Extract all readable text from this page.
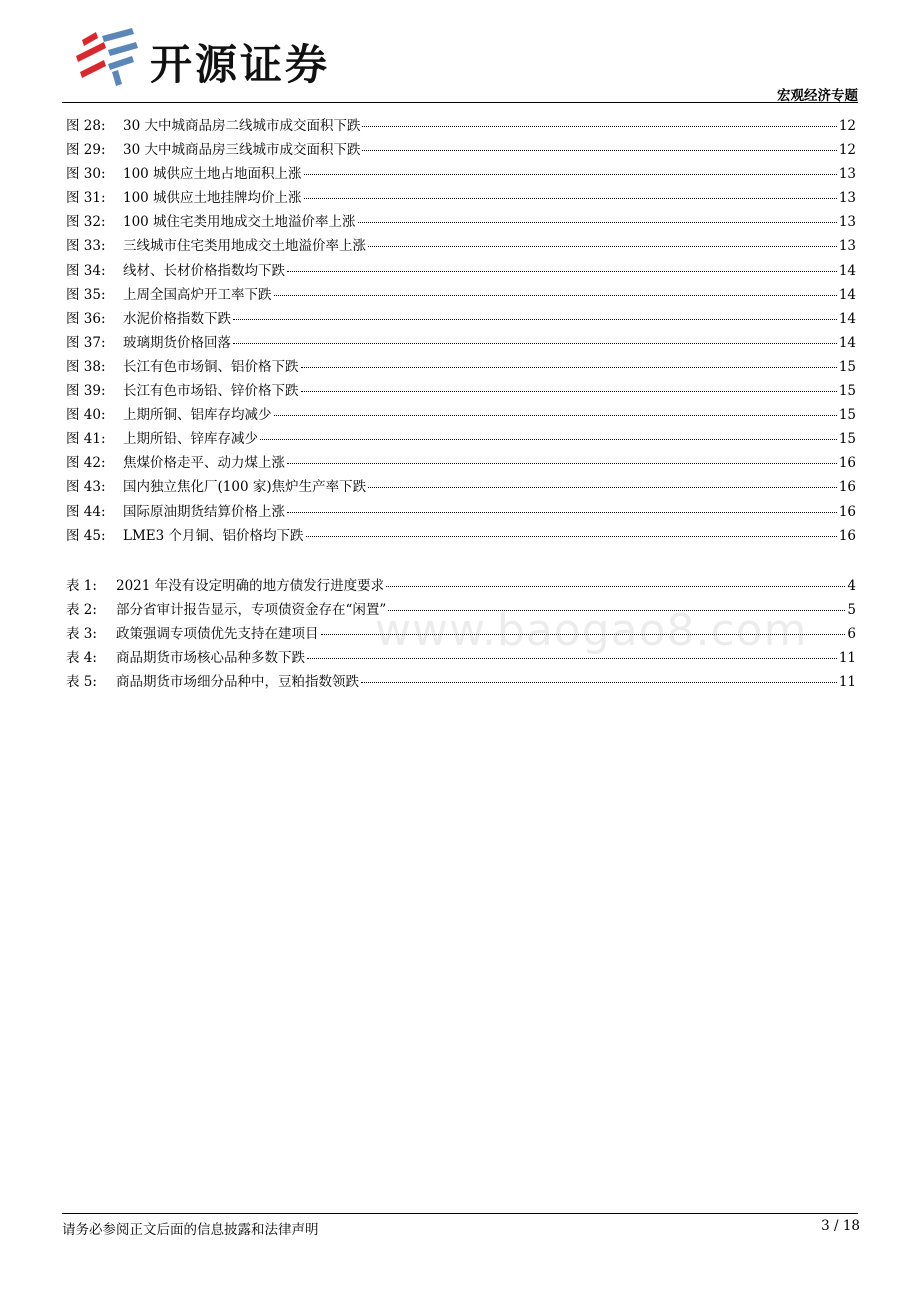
开源证券
宏观经济专题
图 28:	30 大中城商品房二线城市成交面积下跌	12
图 29:	30 大中城商品房三线城市成交面积下跌	12
图 30:	100 城供应土地占地面积上涨	13
图 31:	100 城供应土地挂牌均价上涨	13
图 32:	100 城住宅类用地成交土地溢价率上涨	13
图 33:	三线城市住宅类用地成交土地溢价率上涨	13
图 34:	线材、长材价格指数均下跌	14
图 35:	上周全国高炉开工率下跌	14
图 36:	水泥价格指数下跌	14
图 37:	玻璃期货价格回落	14
图 38:	长江有色市场铜、铝价格下跌	15
图 39:	长江有色市场铅、锌价格下跌	15
图 40:	上期所铜、铝库存均减少	15
图 41:	上期所铅、锌库存减少	15
图 42:	焦煤价格走平、动力煤上涨	16
图 43:	国内独立焦化厂(100 家)焦炉生产率下跌	16
图 44:	国际原油期货结算价格上涨	16
图 45:	LME3 个月铜、铝价格均下跌	16
表 1:	2021 年没有设定明确的地方债发行进度要求	4
表 2:	部分省审计报告显示，专项债资金存在“闲置”	5
表 3:	政策强调专项债优先支持在建项目	6
表 4:	商品期货市场核心品种多数下跌	11
表 5:	商品期货市场细分品种中，豆粕指数领跌	11
www.baogao8.com
请务必参阅正文后面的信息披露和法律声明	3 / 18
